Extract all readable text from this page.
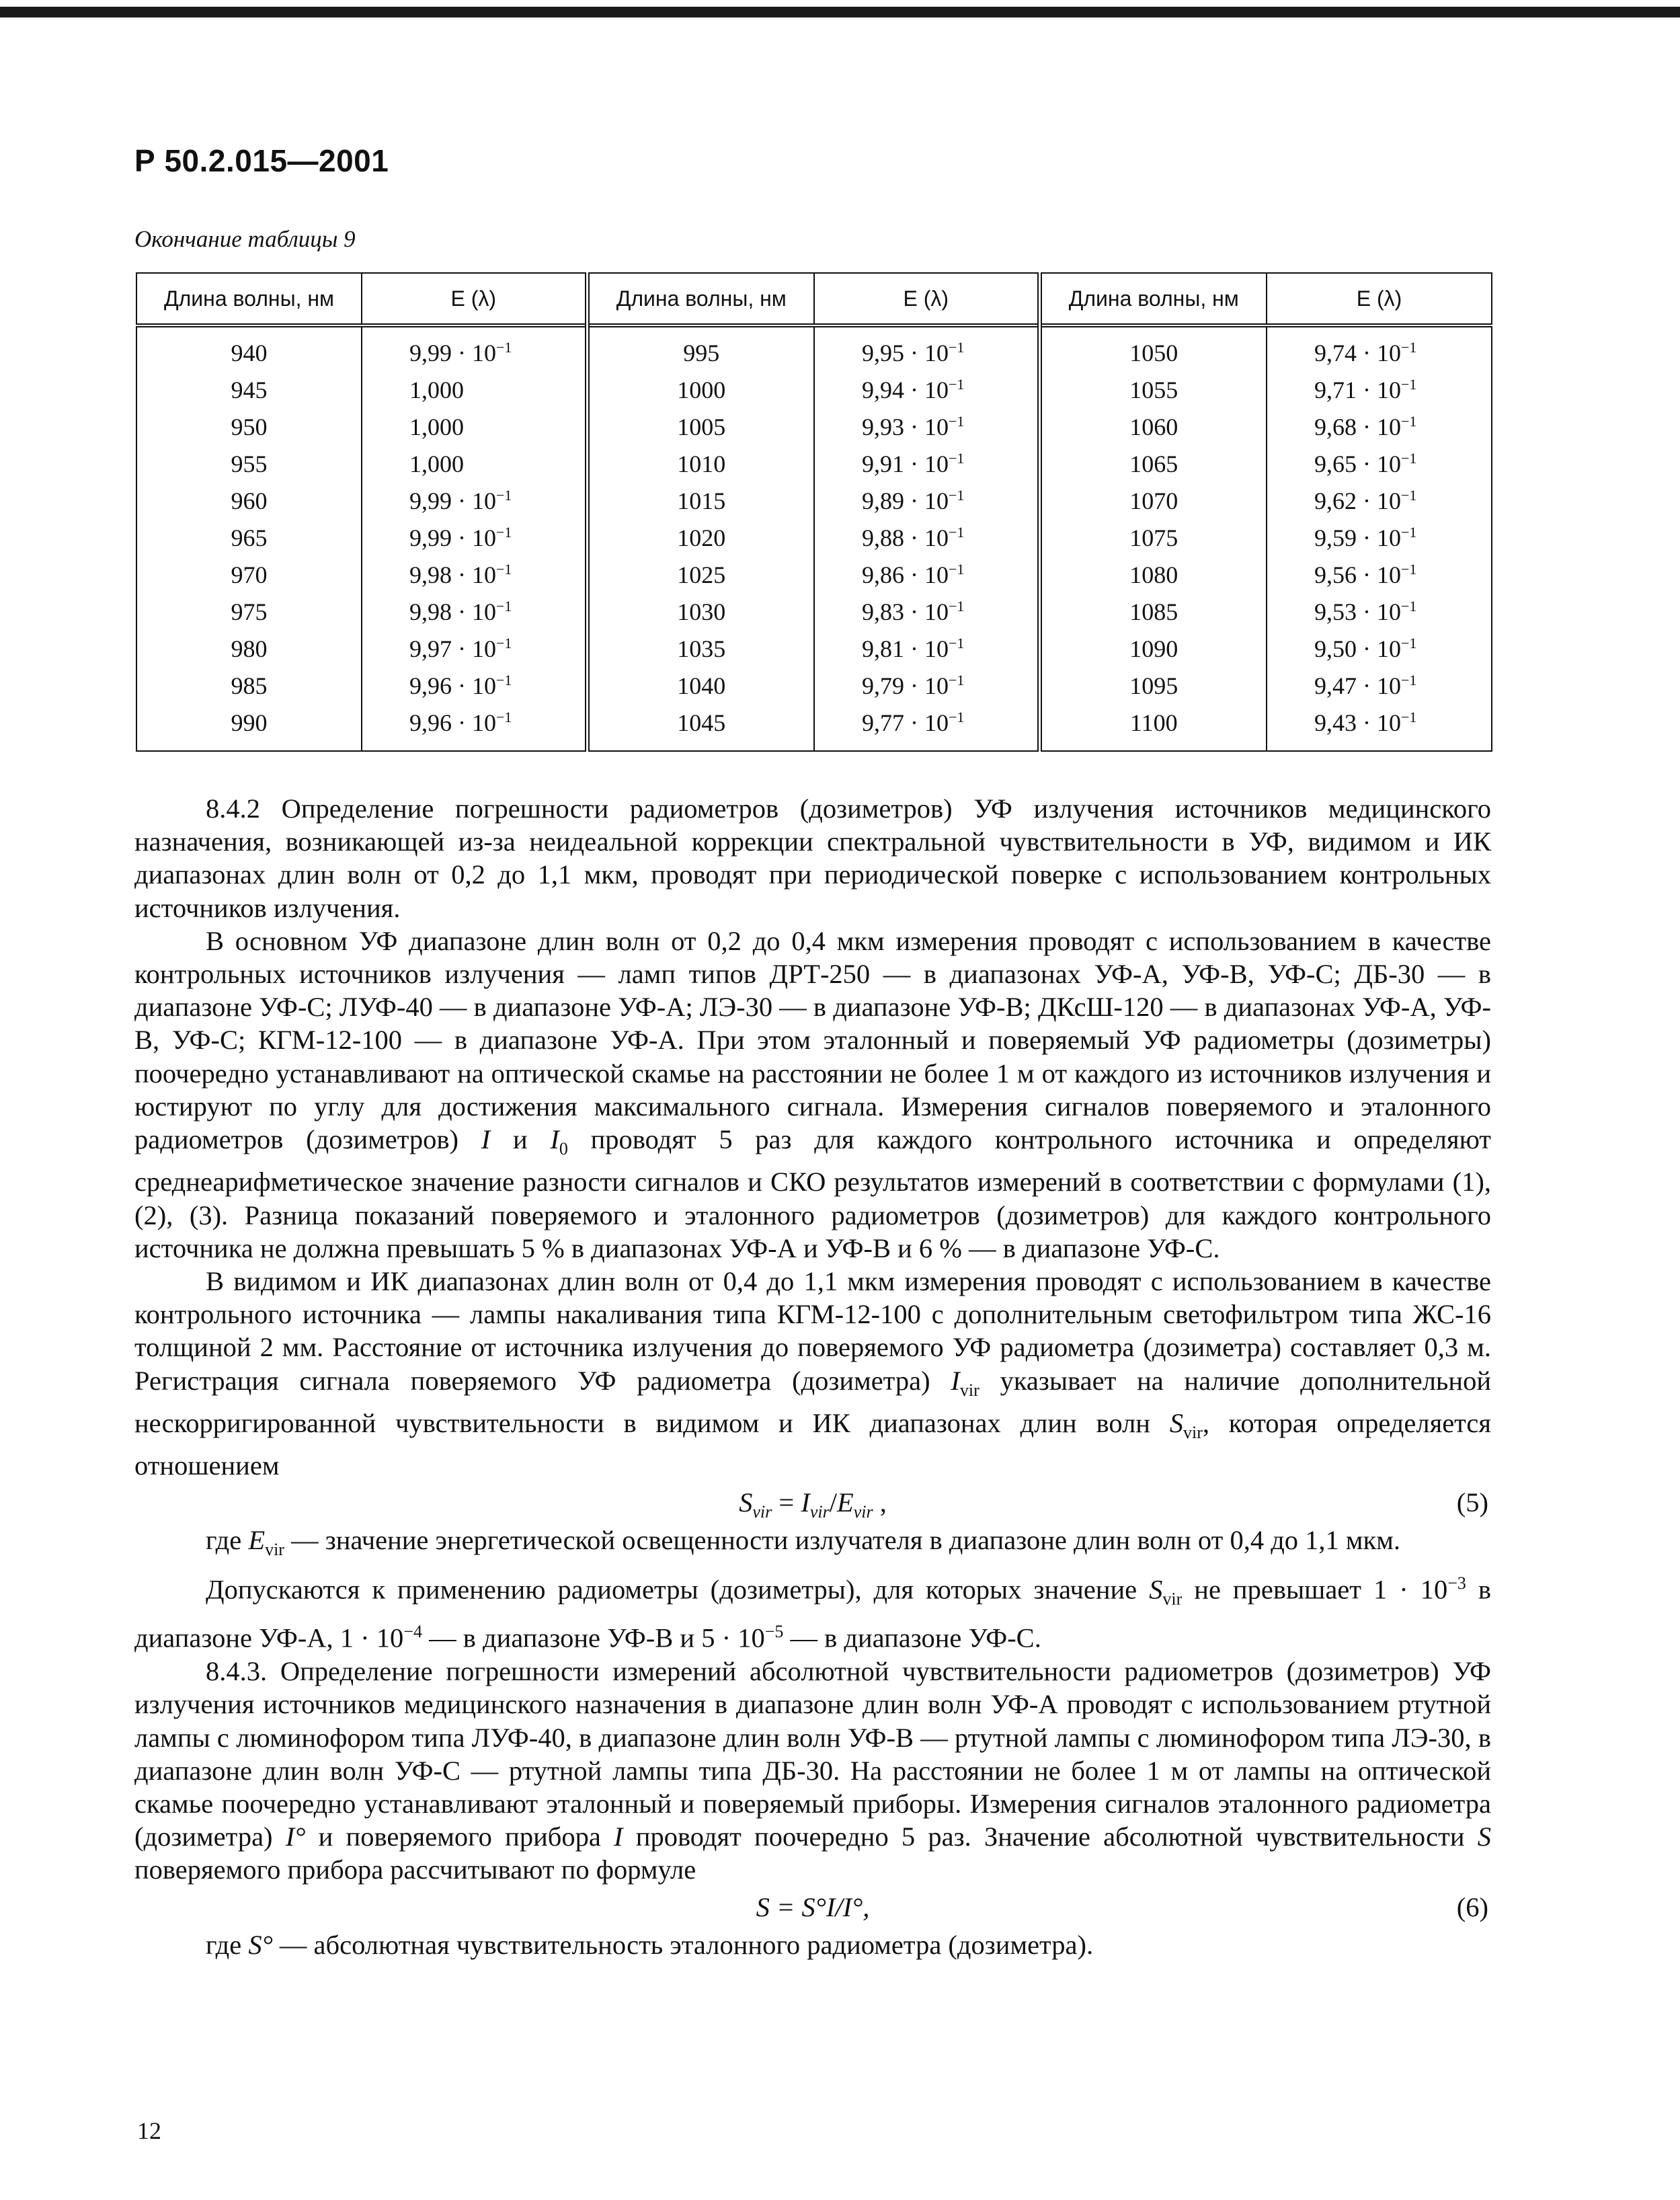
Р 50.2.015—2001
Окончание таблицы 9
Длина волны, нм	E (λ)	Длина волны, нм	E (λ)	Длина волны, нм	E (λ)
940	$9,99 \cdot 10^{-1}$	995	$9,95 \cdot 10^{-1}$	1050	$9,74 \cdot 10^{-1}$
945	1,000	1000	$9,94 \cdot 10^{-1}$	1055	$9,71 \cdot 10^{-1}$
950	1,000	1005	$9,93 \cdot 10^{-1}$	1060	$9,68 \cdot 10^{-1}$
955	1,000	1010	$9,91 \cdot 10^{-1}$	1065	$9,65 \cdot 10^{-1}$
960	$9,99 \cdot 10^{-1}$	1015	$9,89 \cdot 10^{-1}$	1070	$9,62 \cdot 10^{-1}$
965	$9,99 \cdot 10^{-1}$	1020	$9,88 \cdot 10^{-1}$	1075	$9,59 \cdot 10^{-1}$
970	$9,98 \cdot 10^{-1}$	1025	$9,86 \cdot 10^{-1}$	1080	$9,56 \cdot 10^{-1}$
975	$9,98 \cdot 10^{-1}$	1030	$9,83 \cdot 10^{-1}$	1085	$9,53 \cdot 10^{-1}$
980	$9,97 \cdot 10^{-1}$	1035	$9,81 \cdot 10^{-1}$	1090	$9,50 \cdot 10^{-1}$
985	$9,96 \cdot 10^{-1}$	1040	$9,79 \cdot 10^{-1}$	1095	$9,47 \cdot 10^{-1}$
990	$9,96 \cdot 10^{-1}$	1045	$9,77 \cdot 10^{-1}$	1100	$9,43 \cdot 10^{-1}$

8.4.2 Определение погрешности радиометров (дозиметров) УФ излучения источников медицинского назначения, возникающей из-за неидеальной коррекции спектральной чувствительности в УФ, видимом и ИК диапазонах длин волн от 0,2 до 1,1 мкм, проводят при периодической поверке с использованием контрольных источников излучения.

В основном УФ диапазоне длин волн от 0,2 до 0,4 мкм измерения проводят с использованием в качестве контрольных источников излучения — ламп типов ДРТ-250 — в диапазонах УФ-А, УФ-В, УФ-С; ДБ-30 — в диапазоне УФ-С; ЛУФ-40 — в диапазоне УФ-А; ЛЭ-30 — в диапазоне УФ-В; ДКсШ-120 — в диапазонах УФ-А, УФ-В, УФ-С; КГМ-12-100 — в диапазоне УФ-А. При этом эталонный и поверяемый УФ радиометры (дозиметры) поочередно устанавливают на оптической скамье на расстоянии не более 1 м от каждого из источников излучения и юстируют по углу для достижения максимального сигнала. Измерения сигналов поверяемого и эталонного радиометров (дозиметров) I и $I_0$ проводят 5 раз для каждого контрольного источника и определяют среднеарифметическое значение разности сигналов и СКО результатов измерений в соответствии с формулами (1), (2), (3). Разница показаний поверяемого и эталонного радиометров (дозиметров) для каждого контрольного источника не должна превышать 5 % в диапазонах УФ-А и УФ-В и 6 % — в диапазоне УФ-С.

В видимом и ИК диапазонах длин волн от 0,4 до 1,1 мкм измерения проводят с использованием в качестве контрольного источника — лампы накаливания типа КГМ-12-100 с дополнительным светофильтром типа ЖС-16 толщиной 2 мм. Расстояние от источника излучения до поверяемого УФ радиометра (дозиметра) составляет 0,3 м. Регистрация сигнала поверяемого УФ радиометра (дозиметра) $I_{vir}$ указывает на наличие дополнительной нескорригированной чувствительности в видимом и ИК диапазонах длин волн $S_{vir}$, которая определяется отношением

$S_{vir} = I_{vir}/E_{vir}$ ,	(5)

где $E_{vir}$ — значение энергетической освещенности излучателя в диапазоне длин волн от 0,4 до 1,1 мкм.

Допускаются к применению радиометры (дозиметры), для которых значение $S_{vir}$ не превышает $1 \cdot 10^{-3}$ в диапазоне УФ-А, $1 \cdot 10^{-4}$ — в диапазоне УФ-В и $5 \cdot 10^{-5}$ — в диапазоне УФ-С.

8.4.3. Определение погрешности измерений абсолютной чувствительности радиометров (дозиметров) УФ излучения источников медицинского назначения в диапазоне длин волн УФ-А проводят с использованием ртутной лампы с люминофором типа ЛУФ-40, в диапазоне длин волн УФ-В — ртутной лампы с люминофором типа ЛЭ-30, в диапазоне длин волн УФ-С — ртутной лампы типа ДБ-30. На расстоянии не более 1 м от лампы на оптической скамье поочередно устанавливают эталонный и поверяемый приборы. Измерения сигналов эталонного радиометра (дозиметра) I° и поверяемого прибора I проводят поочередно 5 раз. Значение абсолютной чувствительности S поверяемого прибора рассчитывают по формуле

S = S°I/I°,	(6)

где S° — абсолютная чувствительность эталонного радиометра (дозиметра).

12
